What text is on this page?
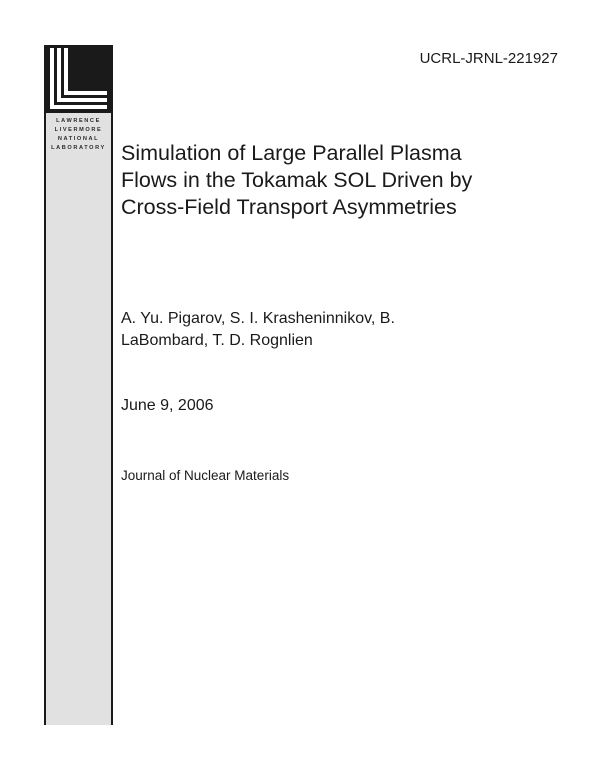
LAWRENCE
LIVERMORE
NATIONAL
LABORATORY
UCRL-JRNL-221927
Simulation of Large Parallel Plasma
Flows in the Tokamak SOL Driven by
Cross-Field Transport Asymmetries
A. Yu. Pigarov, S. I. Krasheninnikov, B.
LaBombard, T. D. Rognlien
June 9, 2006
Journal of Nuclear Materials
